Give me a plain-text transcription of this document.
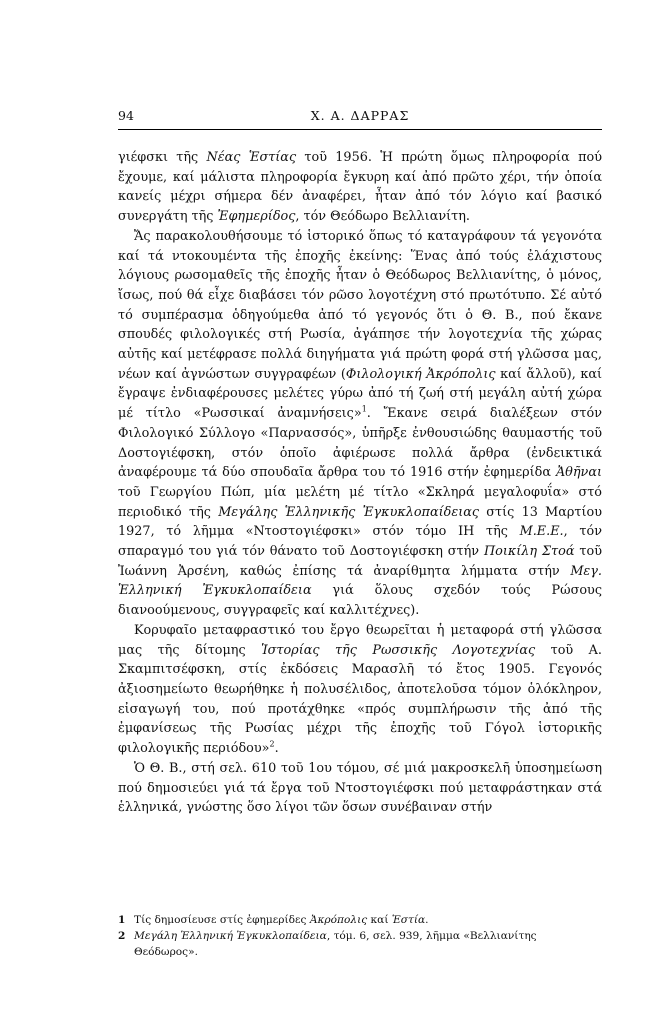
94	Χ. Α. ΔΑΡΡΑΣ

γιέφσκι τῆς Νέας Ἑστίας τοῦ 1956. Ἡ πρώτη ὅμως πληροφορία πού ἔχουμε, καί μάλιστα πληροφορία ἔγκυρη καί ἀπό πρῶτο χέρι, τήν ὁποία κανείς μέχρι σήμερα δέν ἀναφέρει, ἦταν ἀπό τόν λόγιο καί βασικό συνεργάτη τῆς Ἐφημερίδος, τόν Θεόδωρο Βελλιανίτη.

Ἄς παρακολουθήσουμε τό ἱστορικό ὅπως τό καταγράφουν τά γεγονότα καί τά ντοκουμέντα τῆς ἐποχῆς ἐκείνης: Ἕνας ἀπό τούς ἐλάχιστους λόγιους ρωσομαθεῖς τῆς ἐποχῆς ἦταν ὁ Θεόδωρος Βελλιανίτης, ὁ μόνος, ἴσως, πού θά εἶχε διαβάσει τόν ρῶσο λογοτέχνη στό πρωτότυπο. Σέ αὐτό τό συμπέρασμα ὁδηγούμεθα ἀπό τό γεγονός ὅτι ὁ Θ. Β., πού ἔκανε σπουδές φιλολογικές στή Ρωσία, ἀγάπησε τήν λογοτεχνία τῆς χώρας αὐτῆς καί μετέφρασε πολλά διηγήματα γιά πρώτη φορά στή γλῶσσα μας, νέων καί ἀγνώστων συγγραφέων (Φιλολογική Ἀκρόπολις καί ἄλλοῦ), καί ἔγραψε ἐνδιαφέρουσες μελέτες γύρω ἀπό τή ζωή στή μεγάλη αὐτή χώρα μέ τίτλο «Ρωσσικαί ἀναμνήσεις»$^1$. Ἔκανε σειρά διαλέξεων στόν Φιλολογικό Σύλλογο «Παρνασσός», ὑπῆρξε ἐνθουσιώδης θαυμαστής τοῦ Δοστογιέφσκη, στόν ὁποῖο ἀφιέρωσε πολλά ἄρθρα (ἐνδεικτικά ἀναφέρουμε τά δύο σπουδαῖα ἄρθρα του τό 1916 στήν ἐφημερίδα Ἀθῆναι τοῦ Γεωργίου Πώπ, μία μελέτη μέ τίτλο «Σκληρά μεγαλοφυΐα» στό περιοδικό τῆς Μεγάλης Ἑλληνικῆς Ἐγκυκλοπαίδειας στίς 13 Μαρτίου 1927, τό λῆμμα «Ντοστογιέφσκι» στόν τόμο ΙΗ τῆς Μ.Ε.Ε., τόν σπαραγμό του γιά τόν θάνατο τοῦ Δοστογιέφσκη στήν Ποικίλη Στοά τοῦ Ἰωάννη Ἀρσένη, καθώς ἐπίσης τά ἀναρίθμητα λήμματα στήν Μεγ. Ἑλληνική Ἐγκυκλοπαίδεια γιά ὅλους σχεδόν τούς Ρώσους διανοούμενους, συγγραφεῖς καί καλλιτέχνες).

Κορυφαῖο μεταφραστικό του ἔργο θεωρεῖται ἡ μεταφορά στή γλῶσσα μας τῆς δίτομης Ἱστορίας τῆς Ρωσσικῆς Λογοτεχνίας τοῦ Α. Σκαμπιτσέφσκη, στίς ἐκδόσεις Μαρασλῆ τό ἔτος 1905. Γεγονός ἀξιοσημείωτο θεωρήθηκε ἡ πολυσέλιδος, ἀποτελοῦσα τόμον ὁλόκληρον, εἰσαγωγή του, πού προτάχθηκε «πρός συμπλήρωσιν τῆς ἀπό τῆς ἐμφανίσεως τῆς Ρωσίας μέχρι τῆς ἐποχῆς τοῦ Γόγολ ἱστορικῆς φιλολογικῆς περιόδου»$^2$.

Ὁ Θ. Β., στή σελ. 610 τοῦ 1ου τόμου, σέ μιά μακροσκελῆ ὑποσημείωση πού δημοσιεύει γιά τά ἔργα τοῦ Ντοστογιέφσκι πού μεταφράστηκαν στά ἑλληνικά, γνώστης ὅσο λίγοι τῶν ὅσων συνέβαιναν στήν

1 Τίς δημοσίευσε στίς ἐφημερίδες Ἀκρόπολις καί Ἑστία.

2 Μεγάλη Ἑλληνική Ἐγκυκλοπαίδεια, τόμ. 6, σελ. 939, λῆμμα «Βελλιανίτης Θεόδωρος».
